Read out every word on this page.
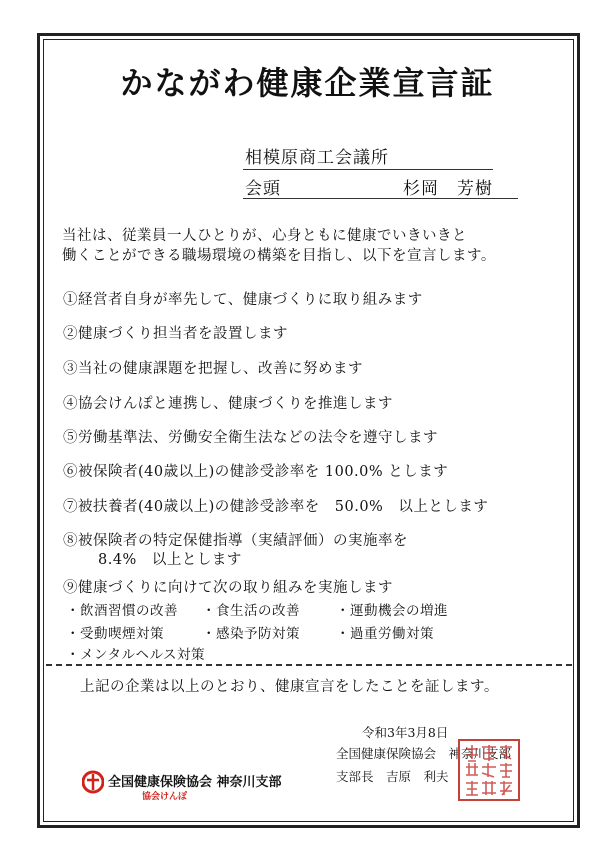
かながわ健康企業宣言証
相模原商工会議所
会頭	杉岡　芳樹
当社は、従業員一人ひとりが、心身ともに健康でいきいきと
働くことができる職場環境の構築を目指し、以下を宣言します。
①経営者自身が率先して、健康づくりに取り組みます
②健康づくり担当者を設置します
③当社の健康課題を把握し、改善に努めます
④協会けんぽと連携し、健康づくりを推進します
⑤労働基準法、労働安全衛生法などの法令を遵守します
⑥被保険者(40歳以上)の健診受診率を 100.0% とします
⑦被扶養者(40歳以上)の健診受診率を　50.0%　以上とします
⑧被保険者の特定保健指導（実績評価）の実施率を
8.4%　以上とします
⑨健康づくりに向けて次の取り組みを実施します
・飲酒習慣の改善 ・食生活の改善	・運動機会の増進
・受動喫煙対策	・感染予防対策	・過重労働対策
・メンタルヘルス対策
上記の企業は以上のとおり、健康宣言をしたことを証します。
令和3年3月8日
全国健康保険協会　神奈川支部
支部長　吉原　利夫
全国健康保険協会 神奈川支部
協会けんぽ
